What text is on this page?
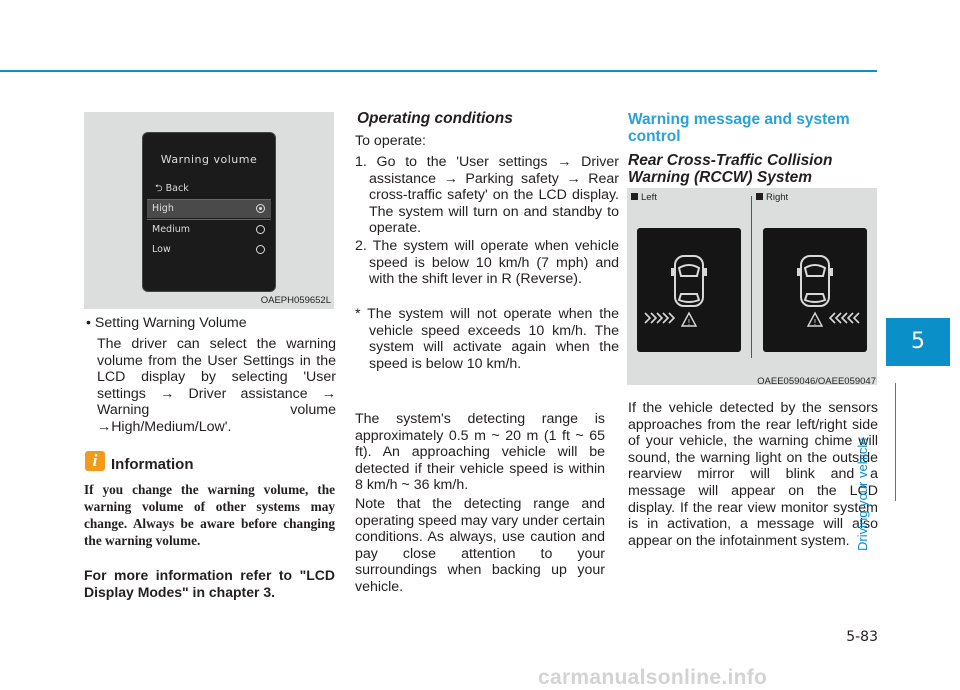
Warning volume
⮌ Back
High
Medium
Low
OAEPH059652L
• Setting Warning Volume
The driver can select the warning volume from the User Settings in the LCD display by selecting 'User settings → Driver assistance → Warning volume →High/Medium/Low'.
i Information
If you change the warning volume, the warning volume of other systems may change. Always be aware before changing the warning volume.
For more information refer to "LCD Display Modes" in chapter 3.
Operating conditions
To operate:
1. Go to the 'User settings → Driver assistance → Parking safety → Rear cross-traffic safety' on the LCD display. The system will turn on and standby to operate.
2. The system will operate when vehicle speed is below 10 km/h (7 mph) and with the shift lever in R (Reverse).
* The system will not operate when the vehicle speed exceeds 10 km/h. The system will activate again when the speed is below 10 km/h.
The system's detecting range is approximately 0.5 m ~ 20 m (1 ft ~ 65 ft). An approaching vehicle will be detected if their vehicle speed is within 8 km/h ~ 36 km/h.
Note that the detecting range and operating speed may vary under certain conditions. As always, use caution and pay close attention to your surroundings when backing up your vehicle.
Warning message and system control
Rear Cross-Traffic Collision Warning (RCCW) System
Left	Right
!	!
OAEE059046/OAEE059047
If the vehicle detected by the sensors approaches from the rear left/right side of your vehicle, the warning chime will sound, the warning light on the outside rearview mirror will blink and a message will appear on the LCD display. If the rear view monitor system is in activation, a message will also appear on the infotainment system.
5
Driving your vehicle
5-83
carmanualsonline.info
